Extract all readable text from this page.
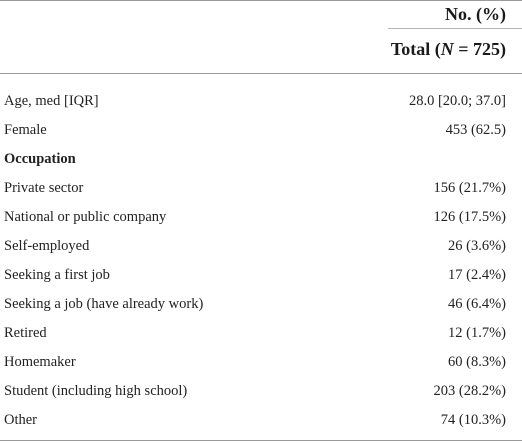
No. (%)
Total (N = 725)
Age, med [IQR]	28.0 [20.0; 37.0]
Female	453 (62.5)
Occupation
Private sector	156 (21.7%)
National or public company	126 (17.5%)
Self-employed	26 (3.6%)
Seeking a first job	17 (2.4%)
Seeking a job (have already work)	46 (6.4%)
Retired	12 (1.7%)
Homemaker	60 (8.3%)
Student (including high school)	203 (28.2%)
Other	74 (10.3%)
